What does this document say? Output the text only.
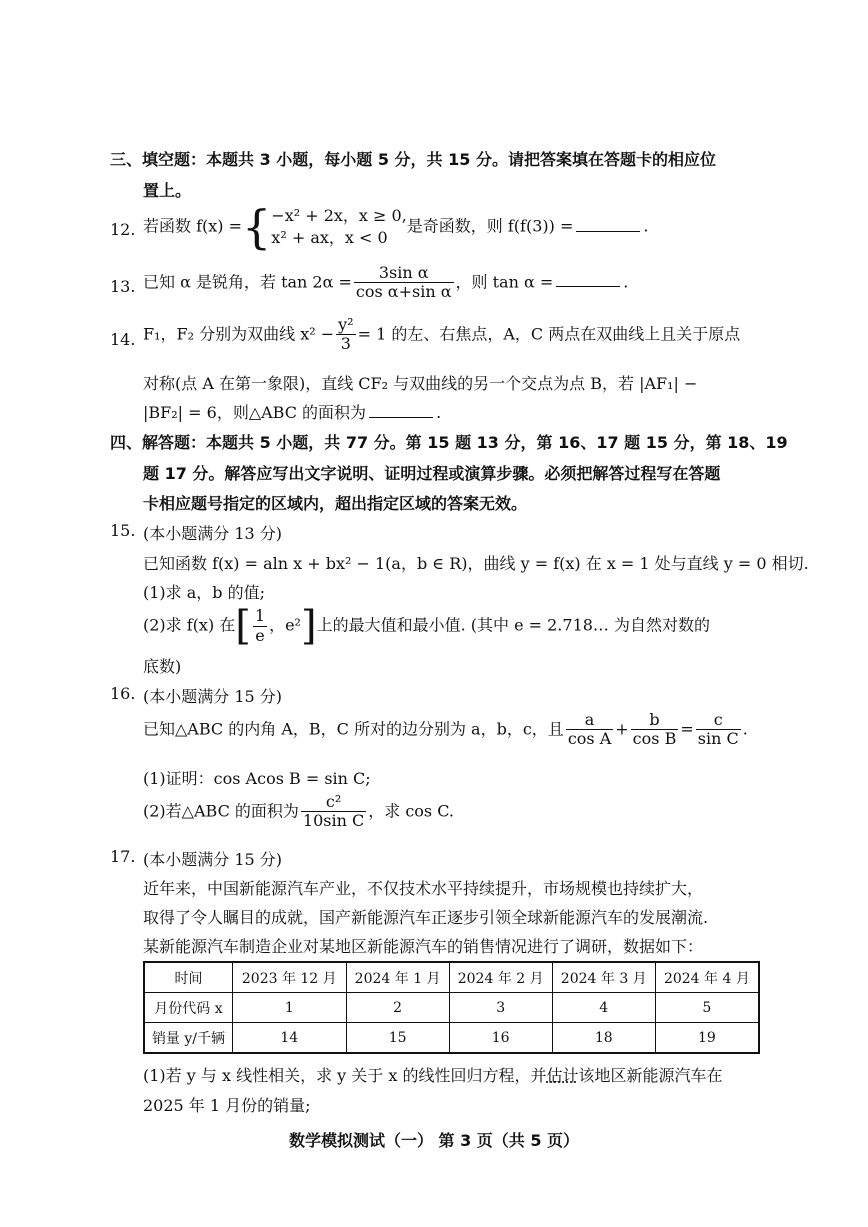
三、填空题：本题共 3 小题，每小题 5 分，共 15 分。请把答案填在答题卡的相应位
置上。
12. 若函数 f(x) ={ −x² + 2x，x ≥ 0,
x² + ax，x < 0
是奇函数，则 f(f(3)) =	.
13. 已知 α 是锐角，若 $\tan 2\alpha = \frac{\text{3sin α}}{\text{cos α+sin α}}$ ，则 tan α =	.
14. F₁，F₂ 分别为双曲线 $x^2 - \frac{\text{y²}}{3} = 1$ 的左、右焦点，A，C 两点在双曲线上且关于原点
对称(点 A 在第一象限)，直线 CF₂ 与双曲线的另一个交点为点 B，若 |AF₁| −
|BF₂| = 6，则△ABC 的面积为	.
四、解答题：本题共 5 小题，共 77 分。第 15 题 13 分，第 16、17 题 15 分，第 18、19
题 17 分。解答应写出文字说明、证明过程或演算步骤。必须把解答过程写在答题
卡相应题号指定的区域内，超出指定区域的答案无效。
15. (本小题满分 13 分)
已知函数 f(x) = aln x + bx² − 1(a，b ∈ R)，曲线 y = f(x) 在 x = 1 处与直线 y = 0 相切.
(1)求 a，b 的值;
(2)求 f(x) 在[ $\frac{1}{e}$ ，e²]上的最大值和最小值. (其中 e = 2.718… 为自然对数的
底数)
16. (本小题满分 15 分)
已知△ABC 的内角 A，B，C 所对的边分别为 a，b，c，且 $\frac{a}{\text{cos A}} + \frac{b}{\text{cos B}} = \frac{c}{\text{sin C}}$ .
(1)证明：cos Acos B = sin C;
(2)若△ABC 的面积为 $\frac{\text{c²}}{\text{10sin C}}$ ，求 cos C.
17. (本小题满分 15 分)
近年来，中国新能源汽车产业，不仅技术水平持续提升，市场规模也持续扩大，
取得了令人瞩目的成就，国产新能源汽车正逐步引领全球新能源汽车的发展潮流.
某新能源汽车制造企业对某地区新能源汽车的销售情况进行了调研，数据如下：
时间	2023 年 12 月	2024 年 1 月	2024 年 2 月	2024 年 3 月	2024 年 4 月
月份代码 x	1	2	3	4	5
销量 y/千辆	14	15	16	18	19
(1)若 y 与 x 线性相关，求 y 关于 x 的线性回归方程，并估计该地区新能源汽车在
2025 年 1 月份的销量;
数学模拟测试（一） 第 3 页（共 5 页）
